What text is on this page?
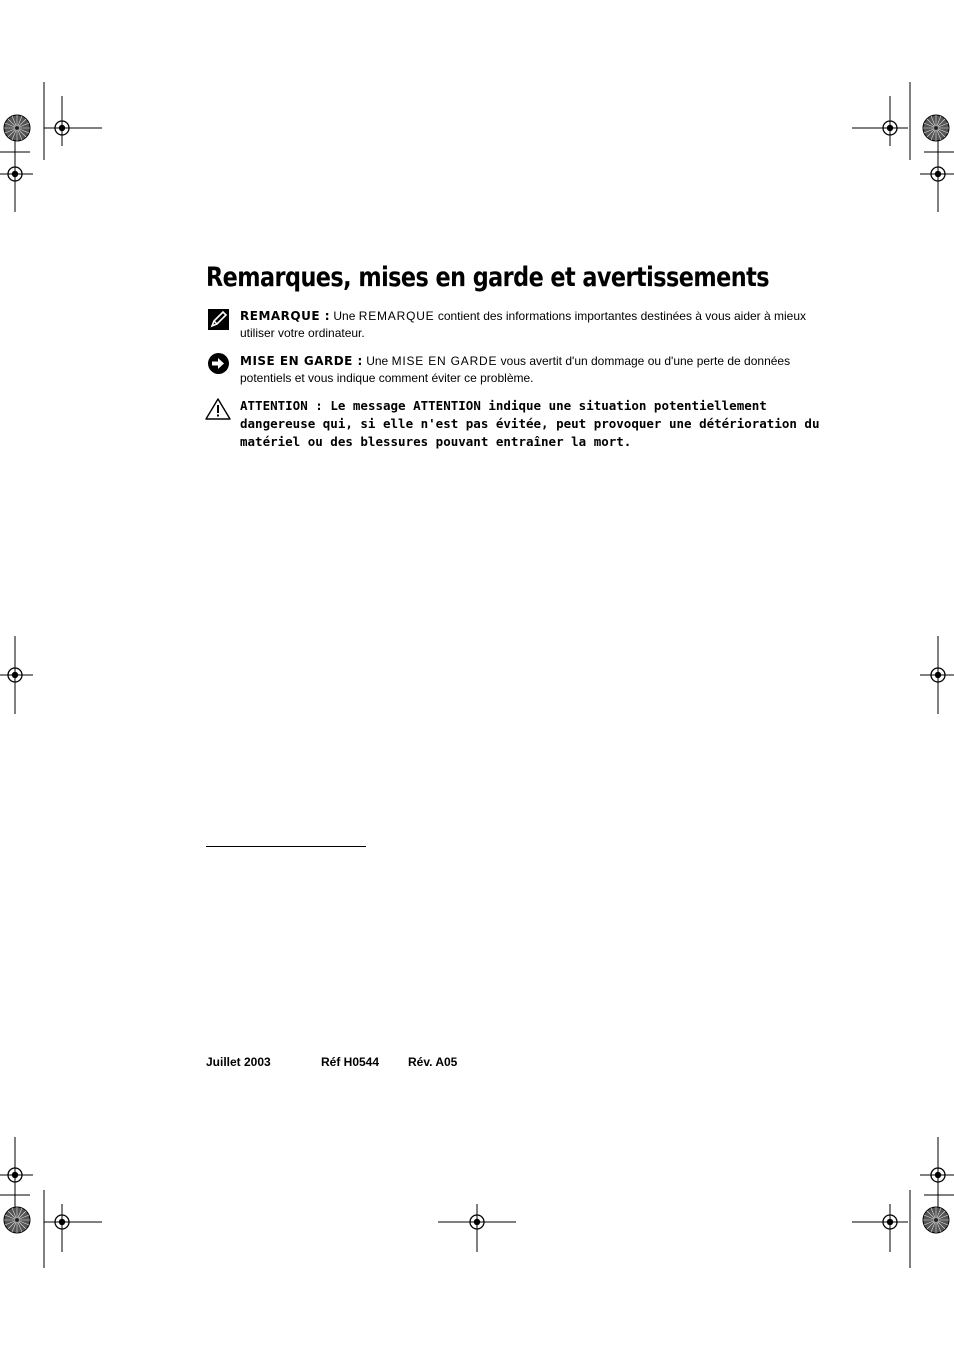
Remarques, mises en garde et avertissements
REMARQUE : Une REMARQUE contient des informations importantes destinées à vous aider à mieux utiliser votre ordinateur.
MISE EN GARDE : Une MISE EN GARDE vous avertit d'un dommage ou d'une perte de données potentiels et vous indique comment éviter ce problème.
ATTENTION : Le message ATTENTION indique une situation potentiellement dangereuse qui, si elle n'est pas évitée, peut provoquer une détérioration du matériel ou des blessures pouvant entraîner la mort.
Juillet 2003	Réf H0544 Rév. A05
